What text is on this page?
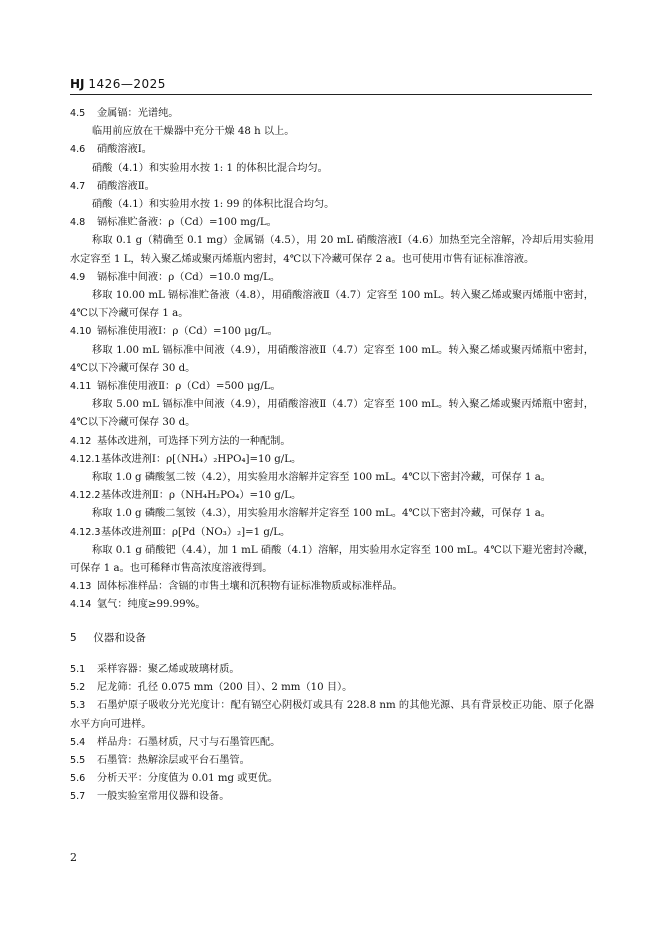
HJ 1426—2025
4.5 金属镉：光谱纯。
临用前应放在干燥器中充分干燥 48 h 以上。
4.6 硝酸溶液Ⅰ。
硝酸（4.1）和实验用水按 1: 1 的体积比混合均匀。
4.7 硝酸溶液Ⅱ。
硝酸（4.1）和实验用水按 1: 99 的体积比混合均匀。
4.8 镉标准贮备液：ρ（Cd）=100 mg/L。
称取 0.1 g（精确至 0.1 mg）金属镉（4.5），用 20 mL 硝酸溶液Ⅰ（4.6）加热至完全溶解，冷却后用实验用水定容至 1 L，转入聚乙烯或聚丙烯瓶内密封，4℃以下冷藏可保存 2 a。也可使用市售有证标准溶液。
4.9 镉标准中间液：ρ（Cd）=10.0 mg/L。
移取 10.00 mL 镉标准贮备液（4.8），用硝酸溶液Ⅱ（4.7）定容至 100 mL。转入聚乙烯或聚丙烯瓶中密封，4℃以下冷藏可保存 1 a。
4.10 镉标准使用液Ⅰ：ρ（Cd）=100 μg/L。
移取 1.00 mL 镉标准中间液（4.9），用硝酸溶液Ⅱ（4.7）定容至 100 mL。转入聚乙烯或聚丙烯瓶中密封，4℃以下冷藏可保存 30 d。
4.11 镉标准使用液Ⅱ：ρ（Cd）=500 μg/L。
移取 5.00 mL 镉标准中间液（4.9），用硝酸溶液Ⅱ（4.7）定容至 100 mL。转入聚乙烯或聚丙烯瓶中密封，4℃以下冷藏可保存 30 d。
4.12 基体改进剂，可选择下列方法的一种配制。
4.12.1基体改进剂Ⅰ：ρ[（NH₄）₂HPO₄]=10 g/L。
称取 1.0 g 磷酸氢二铵（4.2），用实验用水溶解并定容至 100 mL。4℃以下密封冷藏，可保存 1 a。
4.12.2基体改进剂Ⅱ：ρ（NH₄H₂PO₄）=10 g/L。
称取 1.0 g 磷酸二氢铵（4.3），用实验用水溶解并定容至 100 mL。4℃以下密封冷藏，可保存 1 a。
4.12.3基体改进剂Ⅲ：ρ[Pd（NO₃）₂]=1 g/L。
称取 0.1 g 硝酸钯（4.4），加 1 mL 硝酸（4.1）溶解，用实验用水定容至 100 mL。4℃以下避光密封冷藏，可保存 1 a。也可稀释市售高浓度溶液得到。
4.13 固体标准样品：含镉的市售土壤和沉积物有证标准物质或标准样品。
4.14 氩气：纯度≥99.99%。
5 仪器和设备
5.1 采样容器：聚乙烯或玻璃材质。
5.2 尼龙筛：孔径 0.075 mm（200 目）、2 mm（10 目）。
5.3 石墨炉原子吸收分光光度计：配有镉空心阴极灯或具有 228.8 nm 的其他光源、具有背景校正功能、原子化器水平方向可进样。
5.4 样品舟：石墨材质，尺寸与石墨管匹配。
5.5 石墨管：热解涂层或平台石墨管。
5.6 分析天平：分度值为 0.01 mg 或更优。
5.7 一般实验室常用仪器和设备。
2
